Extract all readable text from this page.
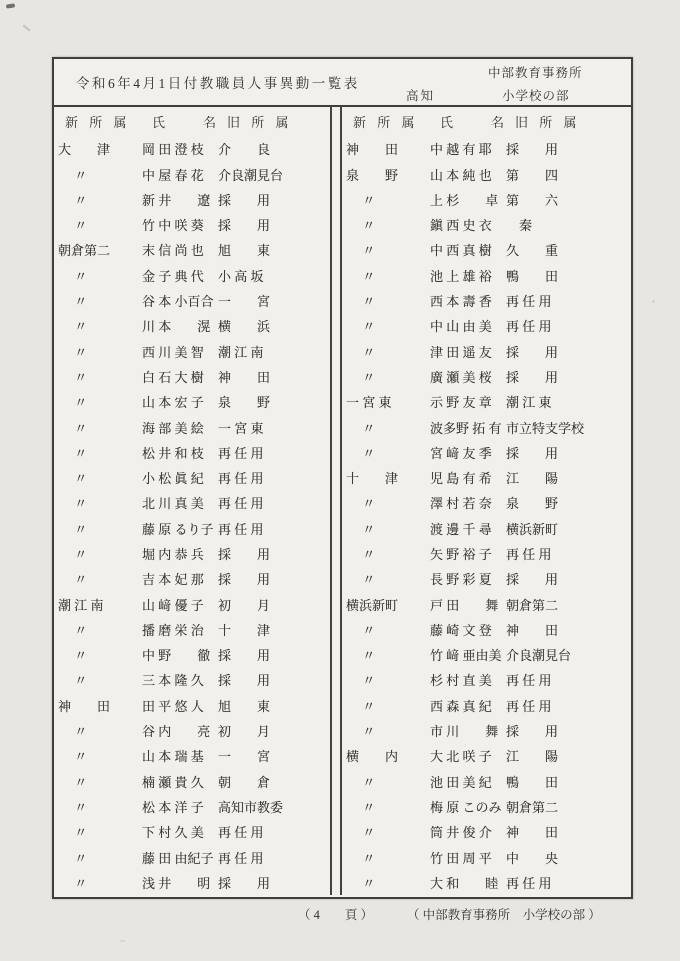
令和6年4月1日付教職員人事異動一覧表
中部教育事務所
高知	小学校の部
新 所 属	氏　　名 旧 所 属
大　　津	岡 田 澄 枝	介　　良
　 〃	中 屋 春 花	介良潮見台
　 〃	新 井　　遼 採　　用
　 〃	竹 中 咲 葵	採　　用
朝倉第二	末 信 尚 也	旭　　東
　 〃	金 子 典 代	小 高 坂
　 〃	谷 本 小百合 一　　宮
　 〃	川 本　　滉 横　　浜
　 〃	西 川 美 智	潮 江 南
　 〃	白 石 大 樹	神　　田
　 〃	山 本 宏 子	泉　　野
　 〃	海 部 美 絵	一 宮 東
　 〃	松 井 和 枝	再 任 用
　 〃	小 松 眞 紀	再 任 用
　 〃	北 川 真 美	再 任 用
　 〃	藤 原 るり子 再 任 用
　 〃	堀 内 恭 兵	採　　用
　 〃	吉 本 妃 那	採　　用
潮 江 南	山 﨑 優 子	初　　月
　 〃	播 磨 栄 治	十　　津
　 〃	中 野　　徹 採　　用
　 〃	三 本 隆 久	採　　用
神　　田	田 平 悠 人	旭　　東
　 〃	谷 内　　亮 初　　月
　 〃	山 本 瑞 基	一　　宮
　 〃	楠 瀬 貴 久	朝　　倉
　 〃	松 本 洋 子	高知市教委
　 〃	下 村 久 美	再 任 用
　 〃	藤 田 由紀子 再 任 用
　 〃	浅 井　　明 採　　用
新 所 属	氏　　名 旧 所 属
神　　田	中 越 有 耶	採　　用
泉　　野	山 本 純 也	第　　四
　 〃	上 杉　　卓 第　　六
　 〃	鎭 西 史 衣	　秦
　 〃	中 西 真 樹	久　　重
　 〃	池 上 雄 裕	鴨　　田
　 〃	西 本 壽 香	再 任 用
　 〃	中 山 由 美	再 任 用
　 〃	津 田 遥 友	採　　用
　 〃	廣 瀬 美 桜	採　　用
一 宮 東	示 野 友 章	潮 江 東
　 〃	波多野 拓 有 市立特支学校
　 〃	宮 﨑 友 季	採　　用
十　　津	児 島 有 希	江　　陽
　 〃	澤 村 若 奈	泉　　野
　 〃	渡 邊 千 尋	横浜新町
　 〃	矢 野 裕 子	再 任 用
　 〃	長 野 彩 夏	採　　用
横浜新町	戸 田　　舞 朝倉第二
　 〃	藤 崎 文 登	神　　田
　 〃	竹 﨑 亜由美 介良潮見台
　 〃	杉 村 直 美	再 任 用
　 〃	西 森 真 紀	再 任 用
　 〃	市 川　　舞 採　　用
横　　内	大 北 咲 子	江　　陽
　 〃	池 田 美 紀	鴨　　田
　 〃	梅 原 このみ 朝倉第二
　 〃	筒 井 俊 介	神　　田
　 〃	竹 田 周 平	中　　央
　 〃	大 和　　睦 再 任 用
（ 4　　頁 ）	（ 中部教育事務所　小学校の部 ）
